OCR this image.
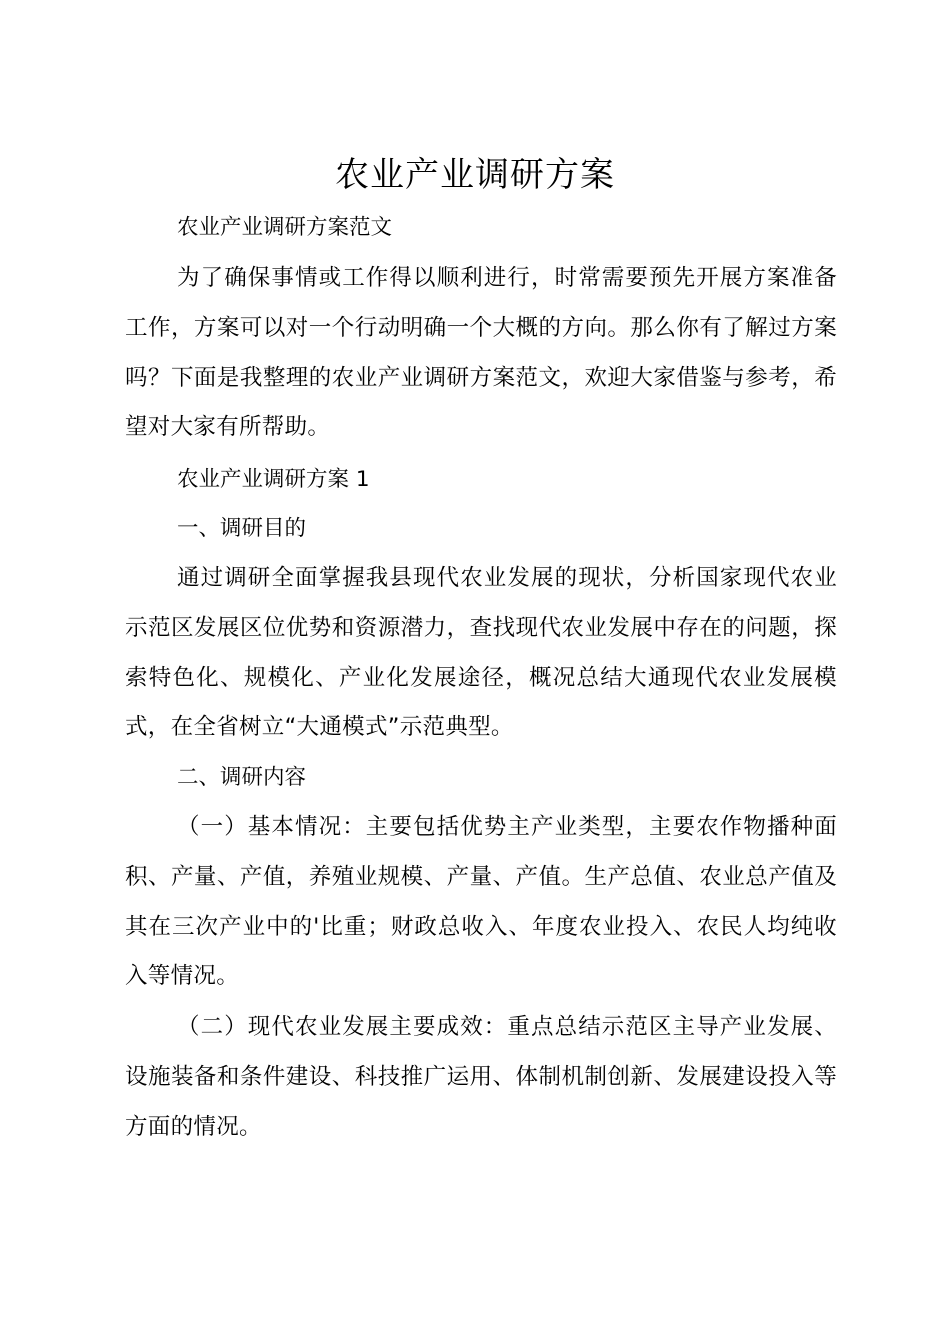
农业产业调研方案

农业产业调研方案范文

为了确保事情或工作得以顺利进行，时常需要预先开展方案准备工作，方案可以对一个行动明确一个大概的方向。那么你有了解过方案吗？下面是我整理的农业产业调研方案范文，欢迎大家借鉴与参考，希望对大家有所帮助。

农业产业调研方案 1

一、调研目的

通过调研全面掌握我县现代农业发展的现状，分析国家现代农业示范区发展区位优势和资源潜力，查找现代农业发展中存在的问题，探索特色化、规模化、产业化发展途径，概况总结大通现代农业发展模式，在全省树立“大通模式”示范典型。

二、调研内容

（一）基本情况：主要包括优势主产业类型，主要农作物播种面积、产量、产值，养殖业规模、产量、产值。生产总值、农业总产值及其在三次产业中的'比重；财政总收入、年度农业投入、农民人均纯收入等情况。

（二）现代农业发展主要成效：重点总结示范区主导产业发展、设施装备和条件建设、科技推广运用、体制机制创新、发展建设投入等方面的情况。
